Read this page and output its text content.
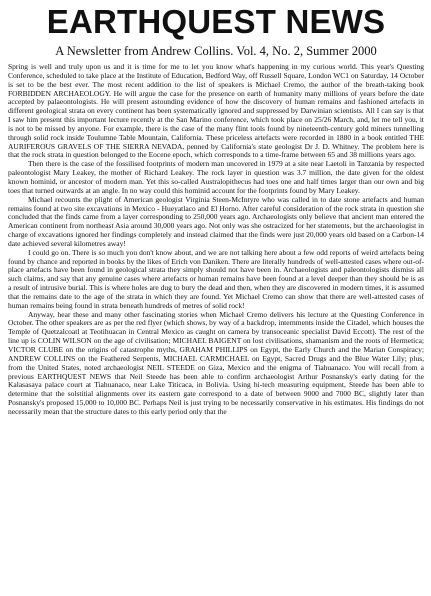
EARTHQUEST NEWS
A Newsletter from Andrew Collins. Vol. 4, No. 2, Summer 2000

Spring is well and truly upon us and it is time for me to let you know what's happening in my curious world. This year's Questing Conference, scheduled to take place at the Institute of Education, Bedford Way, off Russell Square, London WC1 on Saturday, 14 October is set to be the best ever. The most recent addition to the list of speakers is Michael Cremo, the author of the breath-taking book FORBIDDEN ARCHAEOLOGY. He will argue the case for the presence on earth of humanity many millions of years before the date accepted by palaeontologists. He will present astounding evidence of how the discovery of human remains and fashioned artefacts in different geological strata on every continent has been systematically ignored and suppressed by Darwinian scientists. All I can say is that I saw him present this important lecture recently at the San Marino conference, which took place on 25/26 March, and, let me tell you, it is not to be missed by anyone. For example, there is the case of the many flint tools found by nineteenth-century gold miners tunnelling through solid rock inside Toulumne Table Mountain, California. These priceless artefacts were recorded in 1880 in a book entitled THE AURIFEROUS GRAVELS OF THE SIERRA NEVADA, penned by California's state geologist Dr J. D. Whitney. The problem here is that the rock strata in question belonged to the Eocene epoch, which corresponds to a time-frame between 65 and 38 millions years ago.

Then there is the case of the fossilised footprints of modern man uncovered in 1979 at a site near Laetoli in Tanzania by respected paleontologist Mary Leakey, the mother of Richard Leakey. The rock layer in question was 3.7 million, the date given for the oldest known hominid, or ancestor of modern man. Yet this so-called Australopithecus had toes one and half times larger than our own and big toes that turned outwards at an angle. In no way could this hominid account for the footprints found by Mary Leakey.

Michael recounts the plight of American geologist Virginia Steen-McIntyre who was called in to date stone artefacts and human remains found at two site excavations in Mexico - Hueyatlaco and El Horno. After careful consideration of the rock strata in question she concluded that the finds came from a layer corresponding to 250,000 years ago. Archaeologists only believe that ancient man entered the American continent from northeast Asia around 30,000 years ago. Not only was she ostracized for her statements, but the archaeologist in charge of excavations ignored her findings completely and instead claimed that the finds were just 20,000 years old based on a Carbon-14 date achieved several kilometres away!

I could go on. There is so much you don't know about, and we are not talking here about a few odd reports of weird artefacts being found by chance and reported in books by the likes of Erich von Daniken. There are literally hundreds of well-attested cases where out-of-place artefacts have been found in geological strata they simply should not have been in. Archaeologists and paleontologists dismiss all such claims, and say that any genuine cases where artefacts or human remains have been found at a level deeper than they should be is as a result of intrusive burial. This is where holes are dug to bury the dead and then, when they are discovered in modern times, it is assumed that the remains date to the age of the strata in which they are found. Yet Michael Cremo can show that there are well-attested cases of human remains being found in strata beneath hundreds of metres of solid rock!

Anyway, hear these and many other fascinating stories when Michael Cremo delivers his lecture at the Questing Conference in October. The other speakers are as per the red flyer (which shows, by way of a backdrop, internments inside the Citadel, which houses the Temple of Quetzalcoatl at Teotihuacan in Central Mexico as caught on camera by transoceanic specialist David Eccott). The rest of the line up is COLIN WILSON on the age of civilisation; MICHAEL BAIGENT on lost civilisations, shamanism and the roots of Hermetica; VICTOR CLUBE on the origins of catastrophe myths, GRAHAM PHILLIPS on Egypt, the Early Church and the Marian Conspiracy; ANDREW COLLINS on the Feathered Serpents, MICHAEL CARMICHAEL on Egypt, Sacred Drugs and the Blue Water Lily; plus, from the United States, noted archaeologist NEIL STEEDE on Giza, Mexico and the enigma of Tiahuanaco. You will recall from a previous EARTHQUEST NEWS that Neil Steede has been able to confirm archaeologist Arthur Posnansky's early dating for the Kalasasaya palace court at Tiahuanaco, near Lake Titicaca, in Bolivia. Using hi-tech measuring equipment, Steede has been able to determine that the solstitial alignments over its eastern gate correspond to a date of between 9000 and 7000 BC, slightly later than Posnansky's proposed 15,000 to 10,000 BC. Perhaps Neil is just trying to be necessarily conservative in his estimates. His findings do not necessarily mean that the structure dates to this early period only that the
